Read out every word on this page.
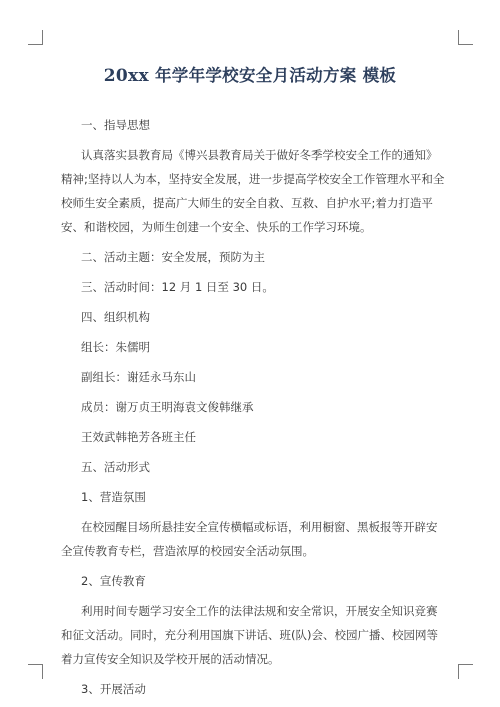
20xx 年学年学校安全月活动方案 模板

一、指导思想

认真落实县教育局《博兴县教育局关于做好冬季学校安全工作的通知》精神;坚持以人为本，坚持安全发展，进一步提高学校安全工作管理水平和全校师生安全素质，提高广大师生的安全自救、互救、自护水平;着力打造平安、和谐校园，为师生创建一个安全、快乐的工作学习环境。

二、活动主题：安全发展，预防为主

三、活动时间：12 月 1 日至 30 日。

四、组织机构

组长：朱儒明

副组长：谢廷永马东山

成员：谢万贞王明海袁文俊韩继承

王效武韩艳芳各班主任

五、活动形式

1、营造氛围

在校园醒目场所悬挂安全宣传横幅或标语，利用橱窗、黑板报等开辟安全宣传教育专栏，营造浓厚的校园安全活动氛围。

2、宣传教育

利用时间专题学习安全工作的法律法规和安全常识，开展安全知识竞赛和征文活动。同时，充分利用国旗下讲话、班(队)会、校园广播、校园网等着力宣传安全知识及学校开展的活动情况。

3、开展活动
